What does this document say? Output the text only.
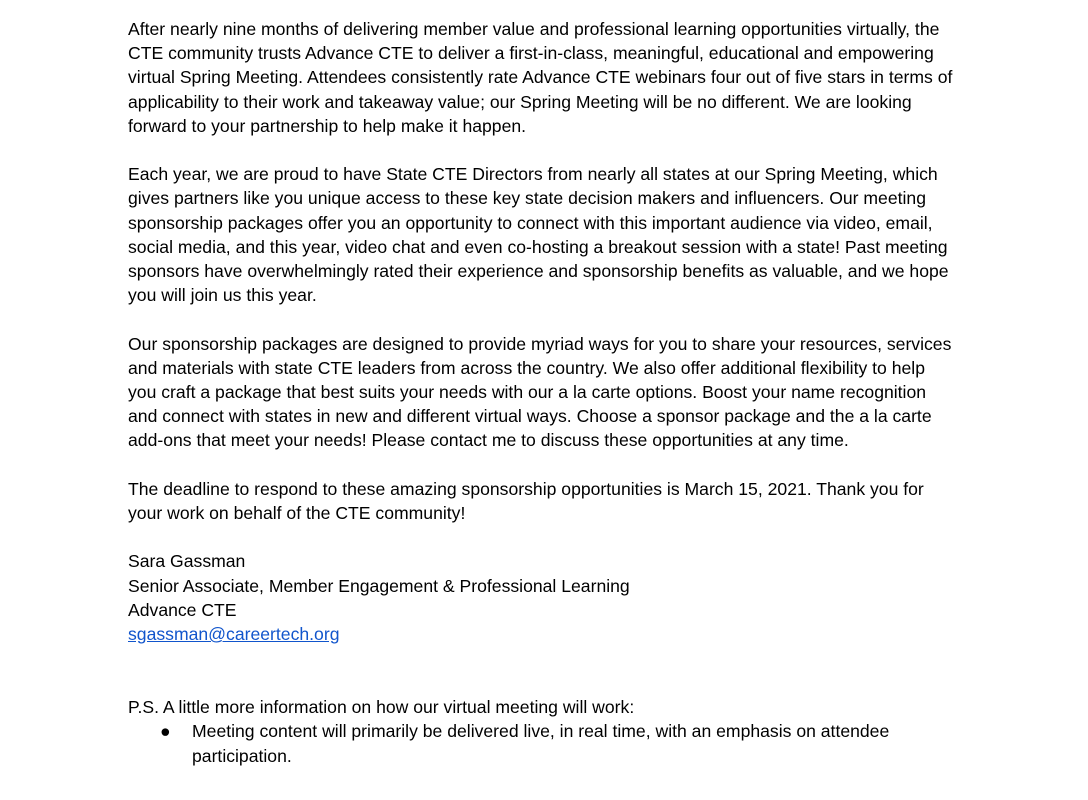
After nearly nine months of delivering member value and professional learning opportunities virtually, the CTE community trusts Advance CTE to deliver a first-in-class, meaningful, educational and empowering virtual Spring Meeting. Attendees consistently rate Advance CTE webinars four out of five stars in terms of applicability to their work and takeaway value; our Spring Meeting will be no different. We are looking forward to your partnership to help make it happen.

Each year, we are proud to have State CTE Directors from nearly all states at our Spring Meeting, which gives partners like you unique access to these key state decision makers and influencers. Our meeting sponsorship packages offer you an opportunity to connect with this important audience via video, email, social media, and this year, video chat and even co-hosting a breakout session with a state! Past meeting sponsors have overwhelmingly rated their experience and sponsorship benefits as valuable, and we hope you will join us this year.

Our sponsorship packages are designed to provide myriad ways for you to share your resources, services and materials with state CTE leaders from across the country. We also offer additional flexibility to help you craft a package that best suits your needs with our a la carte options. Boost your name recognition and connect with states in new and different virtual ways. Choose a sponsor package and the a la carte add-ons that meet your needs! Please contact me to discuss these opportunities at any time.

The deadline to respond to these amazing sponsorship opportunities is March 15, 2021. Thank you for your work on behalf of the CTE community!

Sara Gassman

Senior Associate, Member Engagement & Professional Learning

Advance CTE

sgassman@careertech.org

P.S. A little more information on how our virtual meeting will work:

● Meeting content will primarily be delivered live, in real time, with an emphasis on attendee participation.
